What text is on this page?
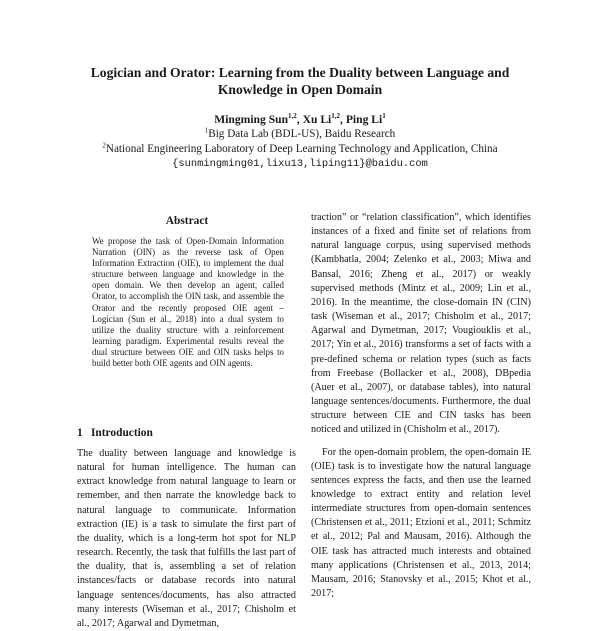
Logician and Orator: Learning from the Duality between Language and Knowledge in Open Domain
Mingming Sun$^{1,2}$, Xu Li$^{1,2}$, Ping Li$^1$
$^1$Big Data Lab (BDL-US), Baidu Research
$^2$National Engineering Laboratory of Deep Learning Technology and Application, China
{sunmingming01,lixu13,liping11}@baidu.com
Abstract

We propose the task of Open-Domain Information Narration (OIN) as the reverse task of Open Information Extraction (OIE), to implement the dual structure between language and knowledge in the open domain. We then develop an agent, called Orator, to accomplish the OIN task, and assemble the Orator and the recently proposed OIE agent – Logician (Sun et al., 2018) into a dual system to utilize the duality structure with a reinforcement learning paradigm. Experimental results reveal the dual structure between OIE and OIN tasks helps to build better both OIE agents and OIN agents.

1 Introduction

The duality between language and knowledge is natural for human intelligence. The human can extract knowledge from natural language to learn or remember, and then narrate the knowledge back to natural language to communicate. Information extraction (IE) is a task to simulate the first part of the duality, which is a long-term hot spot for NLP research. Recently, the task that fulfills the last part of the duality, that is, assembling a set of relation instances/facts or database records into natural language sentences/documents, has also attracted many interests (Wiseman et al., 2017; Chisholm et al., 2017; Agarwal and Dymetman,

traction” or “relation classification”, which identifies instances of a fixed and finite set of relations from natural language corpus, using supervised methods (Kambhatla, 2004; Zelenko et al., 2003; Miwa and Bansal, 2016; Zheng et al., 2017) or weakly supervised methods (Mintz et al., 2009; Lin et al., 2016). In the meantime, the close-domain IN (CIN) task (Wiseman et al., 2017; Chisholm et al., 2017; Agarwal and Dymetman, 2017; Vougiouklis et al., 2017; Yin et al., 2016) transforms a set of facts with a pre-defined schema or relation types (such as facts from Freebase (Bollacker et al., 2008), DBpedia (Auer et al., 2007), or database tables), into natural language sentences/documents. Furthermore, the dual structure between CIE and CIN tasks has been noticed and utilized in (Chisholm et al., 2017).

For the open-domain problem, the open-domain IE (OIE) task is to investigate how the natural language sentences express the facts, and then use the learned knowledge to extract entity and relation level intermediate structures from open-domain sentences (Christensen et al., 2011; Etzioni et al., 2011; Schmitz et al., 2012; Pal and Mausam, 2016). Although the OIE task has attracted much interests and obtained many applications (Christensen et al., 2013, 2014; Mausam, 2016; Stanovsky et al., 2015; Khot et al., 2017;
